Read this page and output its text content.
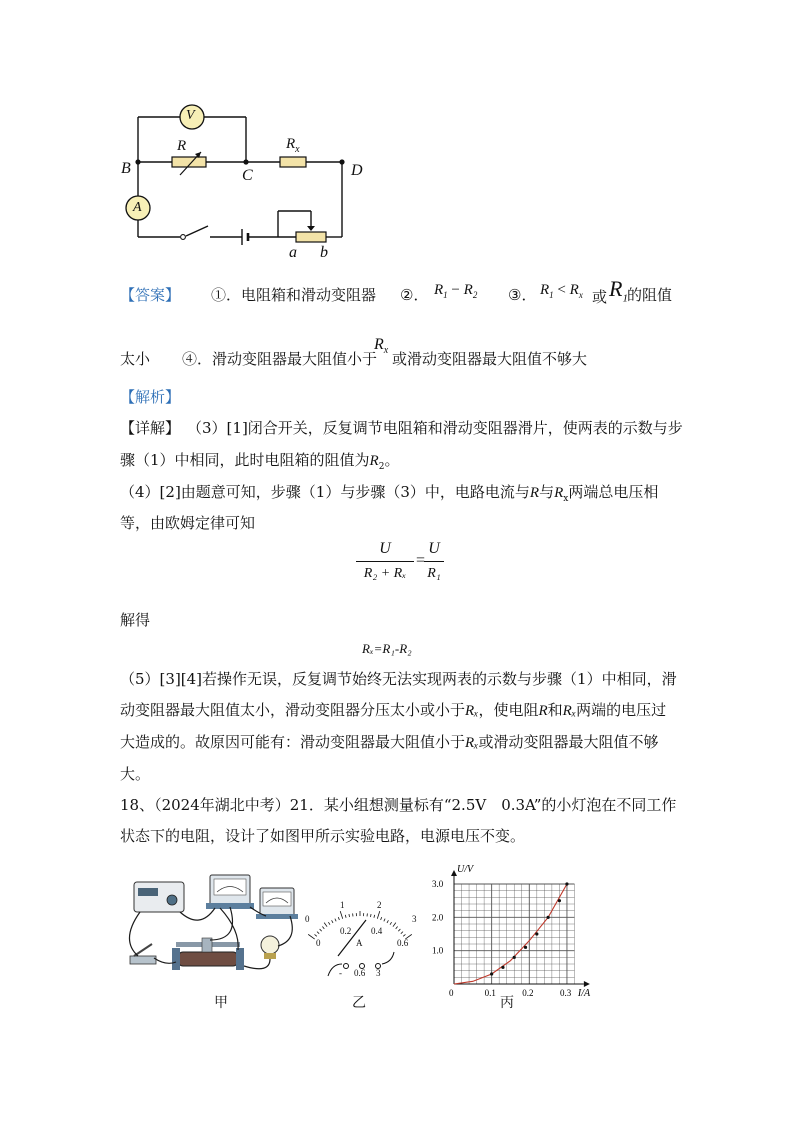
V
A
R	$R_x$
B	C	D
a b
【答案】 ①．电阻箱和滑动变阻器 ②． $R_1 - R_2$ ③． $R_1 < R_x$ 或 $R_1$ 的阻值
太小 ④．滑动变阻器最大阻值小于
$R_x$ 或滑动变阻器最大阻值不够大
【解析】
【详解】 （3）[1]闭合开关，反复调节电阻箱和滑动变阻器滑片，使两表的示数与步
骤（1）中相同，此时电阻箱的阻值为$R_2$。
（4）[2]由题意可知，步骤（1）与步骤（3）中，电路电流与R与$R_x$两端总电压相
等，由欧姆定律可知
U
R₂ + Rₓ
=
U
R₁
解得
Rₓ=R₁-R₂
（5）[3][4]若操作无误，反复调节始终无法实现两表的示数与步骤（1）中相同，滑
动变阻器最大阻值太小，滑动变阻器分压太小或小于Rₓ，使电阻R和Rₓ两端的电压过
大造成的。故原因可能有：滑动变阻器最大阻值小于Rₓ或滑动变阻器最大阻值不够
大。
18、（2024年湖北中考）21．某小组想测量标有“2.5V　0.3A”的小灯泡在不同工作
状态下的电阻，设计了如图甲所示实验电路，电源电压不变。
甲
1	2
0	3
0
0.2 0.4
0.6
A
- 0.6 3
乙
I/A
U/V
0	0.1	0.2	0.3
1.0
2.0
3.0
丙
